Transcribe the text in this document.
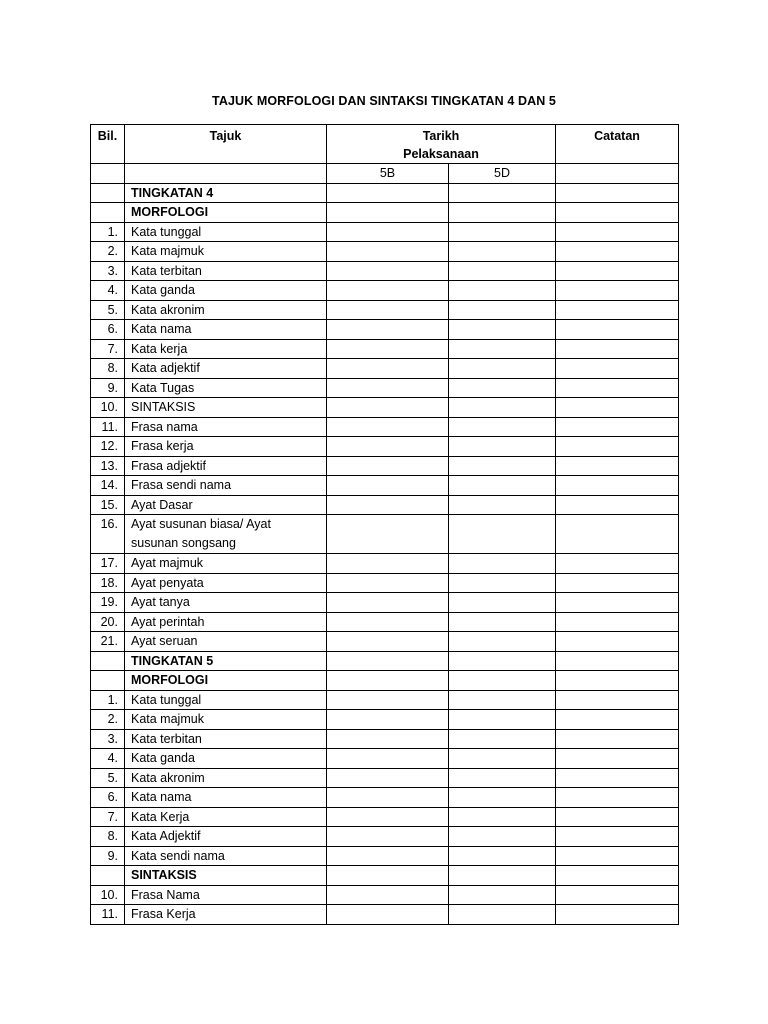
TAJUK MORFOLOGI DAN SINTAKSI TINGKATAN 4 DAN 5
Bil.	Tajuk	Tarikh Pelaksanaan		Catatan
		5B	5D	
	TINGKATAN 4			
	MORFOLOGI			
1.	Kata tunggal			
2.	Kata majmuk			
3.	Kata terbitan			
4.	Kata ganda			
5.	Kata akronim			
6.	Kata nama			
7.	Kata kerja			
8.	Kata adjektif			
9.	Kata Tugas			
10.	SINTAKSIS			
11.	Frasa nama			
12.	Frasa kerja			
13.	Frasa adjektif			
14.	Frasa sendi nama			
15.	Ayat Dasar			
16.	Ayat susunan biasa/ Ayat susunan songsang			
17.	Ayat majmuk			
18.	Ayat penyata			
19.	Ayat tanya			
20.	Ayat perintah			
21.	Ayat seruan			
	TINGKATAN 5			
	MORFOLOGI			
1.	Kata tunggal			
2.	Kata majmuk			
3.	Kata terbitan			
4.	Kata ganda			
5.	Kata akronim			
6.	Kata nama			
7.	Kata Kerja			
8.	Kata Adjektif			
9.	Kata sendi nama			
	SINTAKSIS			
10.	Frasa Nama			
11.	Frasa Kerja			
